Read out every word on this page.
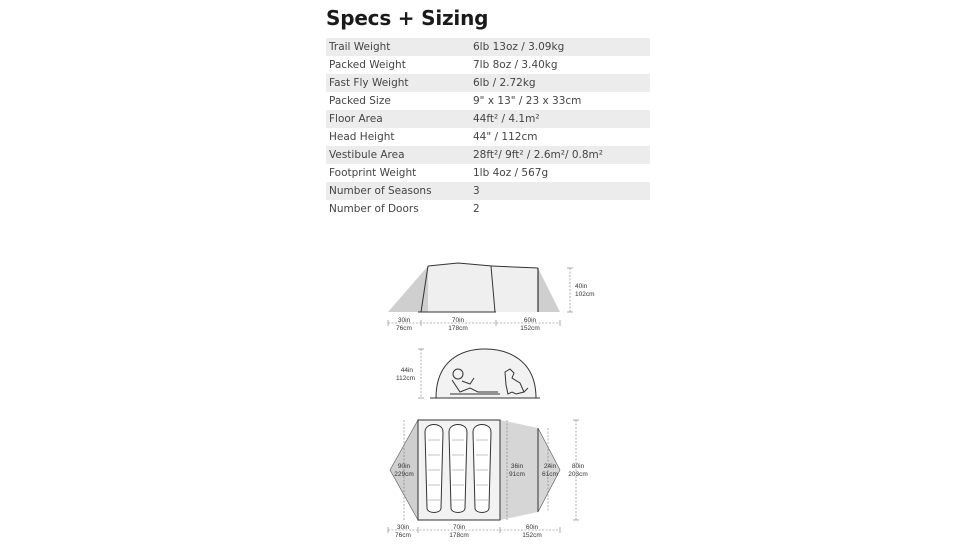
Specs + Sizing
Trail Weight	6lb 13oz / 3.09kg
Packed Weight	7lb 8oz / 3.40kg
Fast Fly Weight	6lb / 2.72kg
Packed Size	9" x 13" / 23 x 33cm
Floor Area	44ft² / 4.1m²
Head Height	44" / 112cm
Vestibule Area	28ft²/ 9ft² / 2.6m²/ 0.8m²
Footprint Weight	1lb 4oz / 567g
Number of Seasons	3
Number of Doors	2
40in
102cm
30in
76cm
70in
178cm
60in
152cm
44in
112cm
90in
229cm
36in
91cm
24in
61cm
80in
203cm
30in
76cm
70in
178cm
60in
152cm
